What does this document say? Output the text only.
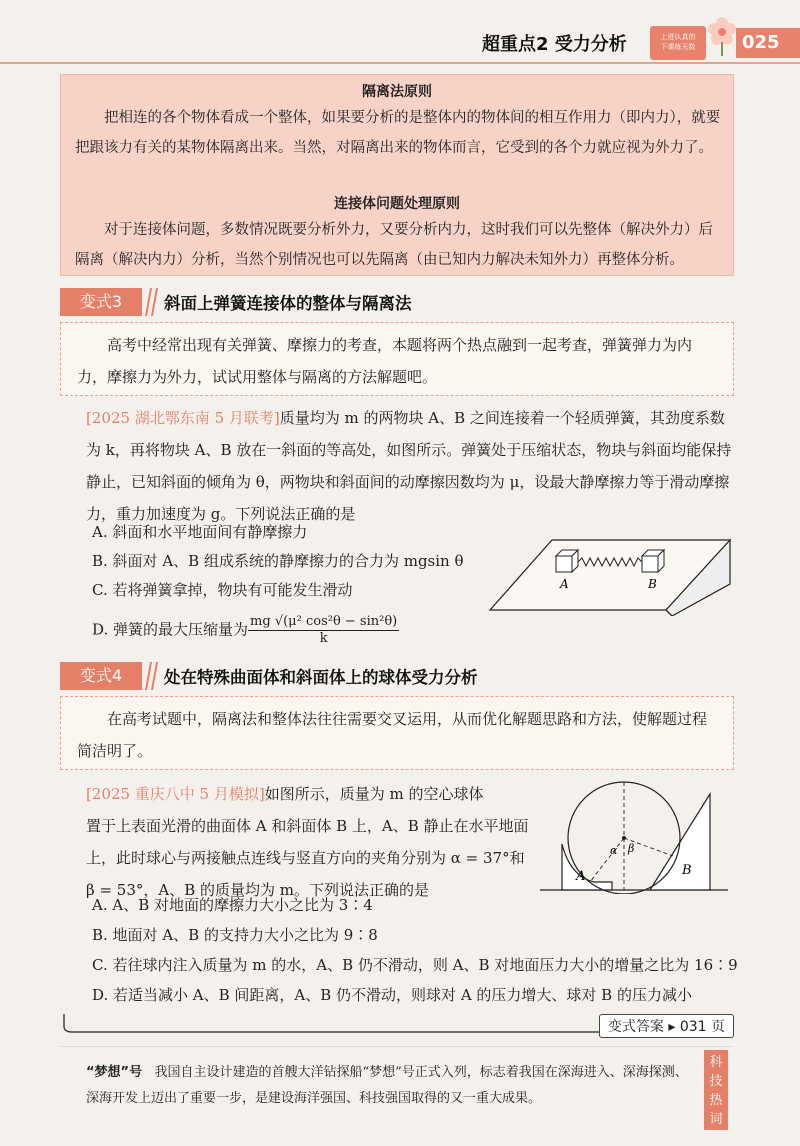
超重点2 受力分析	上进认真的
下课练天数	025
隔离法原则
把相连的各个物体看成一个整体，如果要分析的是整体内的物体间的相互作用力（即内力），就要把跟该力有关的某物体隔离出来。当然，对隔离出来的物体而言，它受到的各个力就应视为外力了。
连接体问题处理原则
对于连接体问题，多数情况既要分析外力，又要分析内力，这时我们可以先整体（解决外力）后隔离（解决内力）分析，当然个别情况也可以先隔离（由已知内力解决未知外力）再整体分析。
变式3	斜面上弹簧连接体的整体与隔离法
高考中经常出现有关弹簧、摩擦力的考查，本题将两个热点融到一起考查，弹簧弹力为内力，摩擦力为外力，试试用整体与隔离的方法解题吧。
[2025 湖北鄂东南 5 月联考]质量均为 m 的两物块 A、B 之间连接着一个轻质弹簧，其劲度系数为 k，再将物块 A、B 放在一斜面的等高处，如图所示。弹簧处于压缩状态，物块与斜面均能保持静止，已知斜面的倾角为 θ，两物块和斜面间的动摩擦因数均为 μ，设最大静摩擦力等于滑动摩擦力，重力加速度为 g。下列说法正确的是
A. 斜面和水平地面间有静摩擦力
B. 斜面对 A、B 组成系统的静摩擦力的合力为 mgsin θ
C. 若将弹簧拿掉，物块有可能发生滑动
D. 弹簧的最大压缩量为 $\frac{\text{mg √(μ² cos²θ − sin²θ)}}{k}$
A	B
变式4	处在特殊曲面体和斜面体上的球体受力分析
在高考试题中，隔离法和整体法往往需要交叉运用，从而优化解题思路和方法，使解题过程简洁明了。
[2025 重庆八中 5 月模拟]如图所示，质量为 m 的空心球体
置于上表面光滑的曲面体 A 和斜面体 B 上，A、B 静止在水平地面上，此时球心与两接触点连线与竖直方向的夹角分别为 α = 37°和 β = 53°，A、B 的质量均为 m。下列说法正确的是
A. A、B 对地面的摩擦力大小之比为 3∶4
B. 地面对 A、B 的支持力大小之比为 9∶8
C. 若往球内注入质量为 m 的水，A、B 仍不滑动，则 A、B 对地面压力大小的增量之比为 16∶9
D. 若适当减小 A、B 间距离，A、B 仍不滑动，则球对 A 的压力增大、球对 B 的压力减小
α β
A	B
变式答案 ▸ 031 页
“梦想”号 我国自主设计建造的首艘大洋钻探船“梦想”号正式入列，标志着我国在深海进入、深海探测、深海开发上迈出了重要一步，是建设海洋强国、科技强国取得的又一重大成果。
科
技
热
词
